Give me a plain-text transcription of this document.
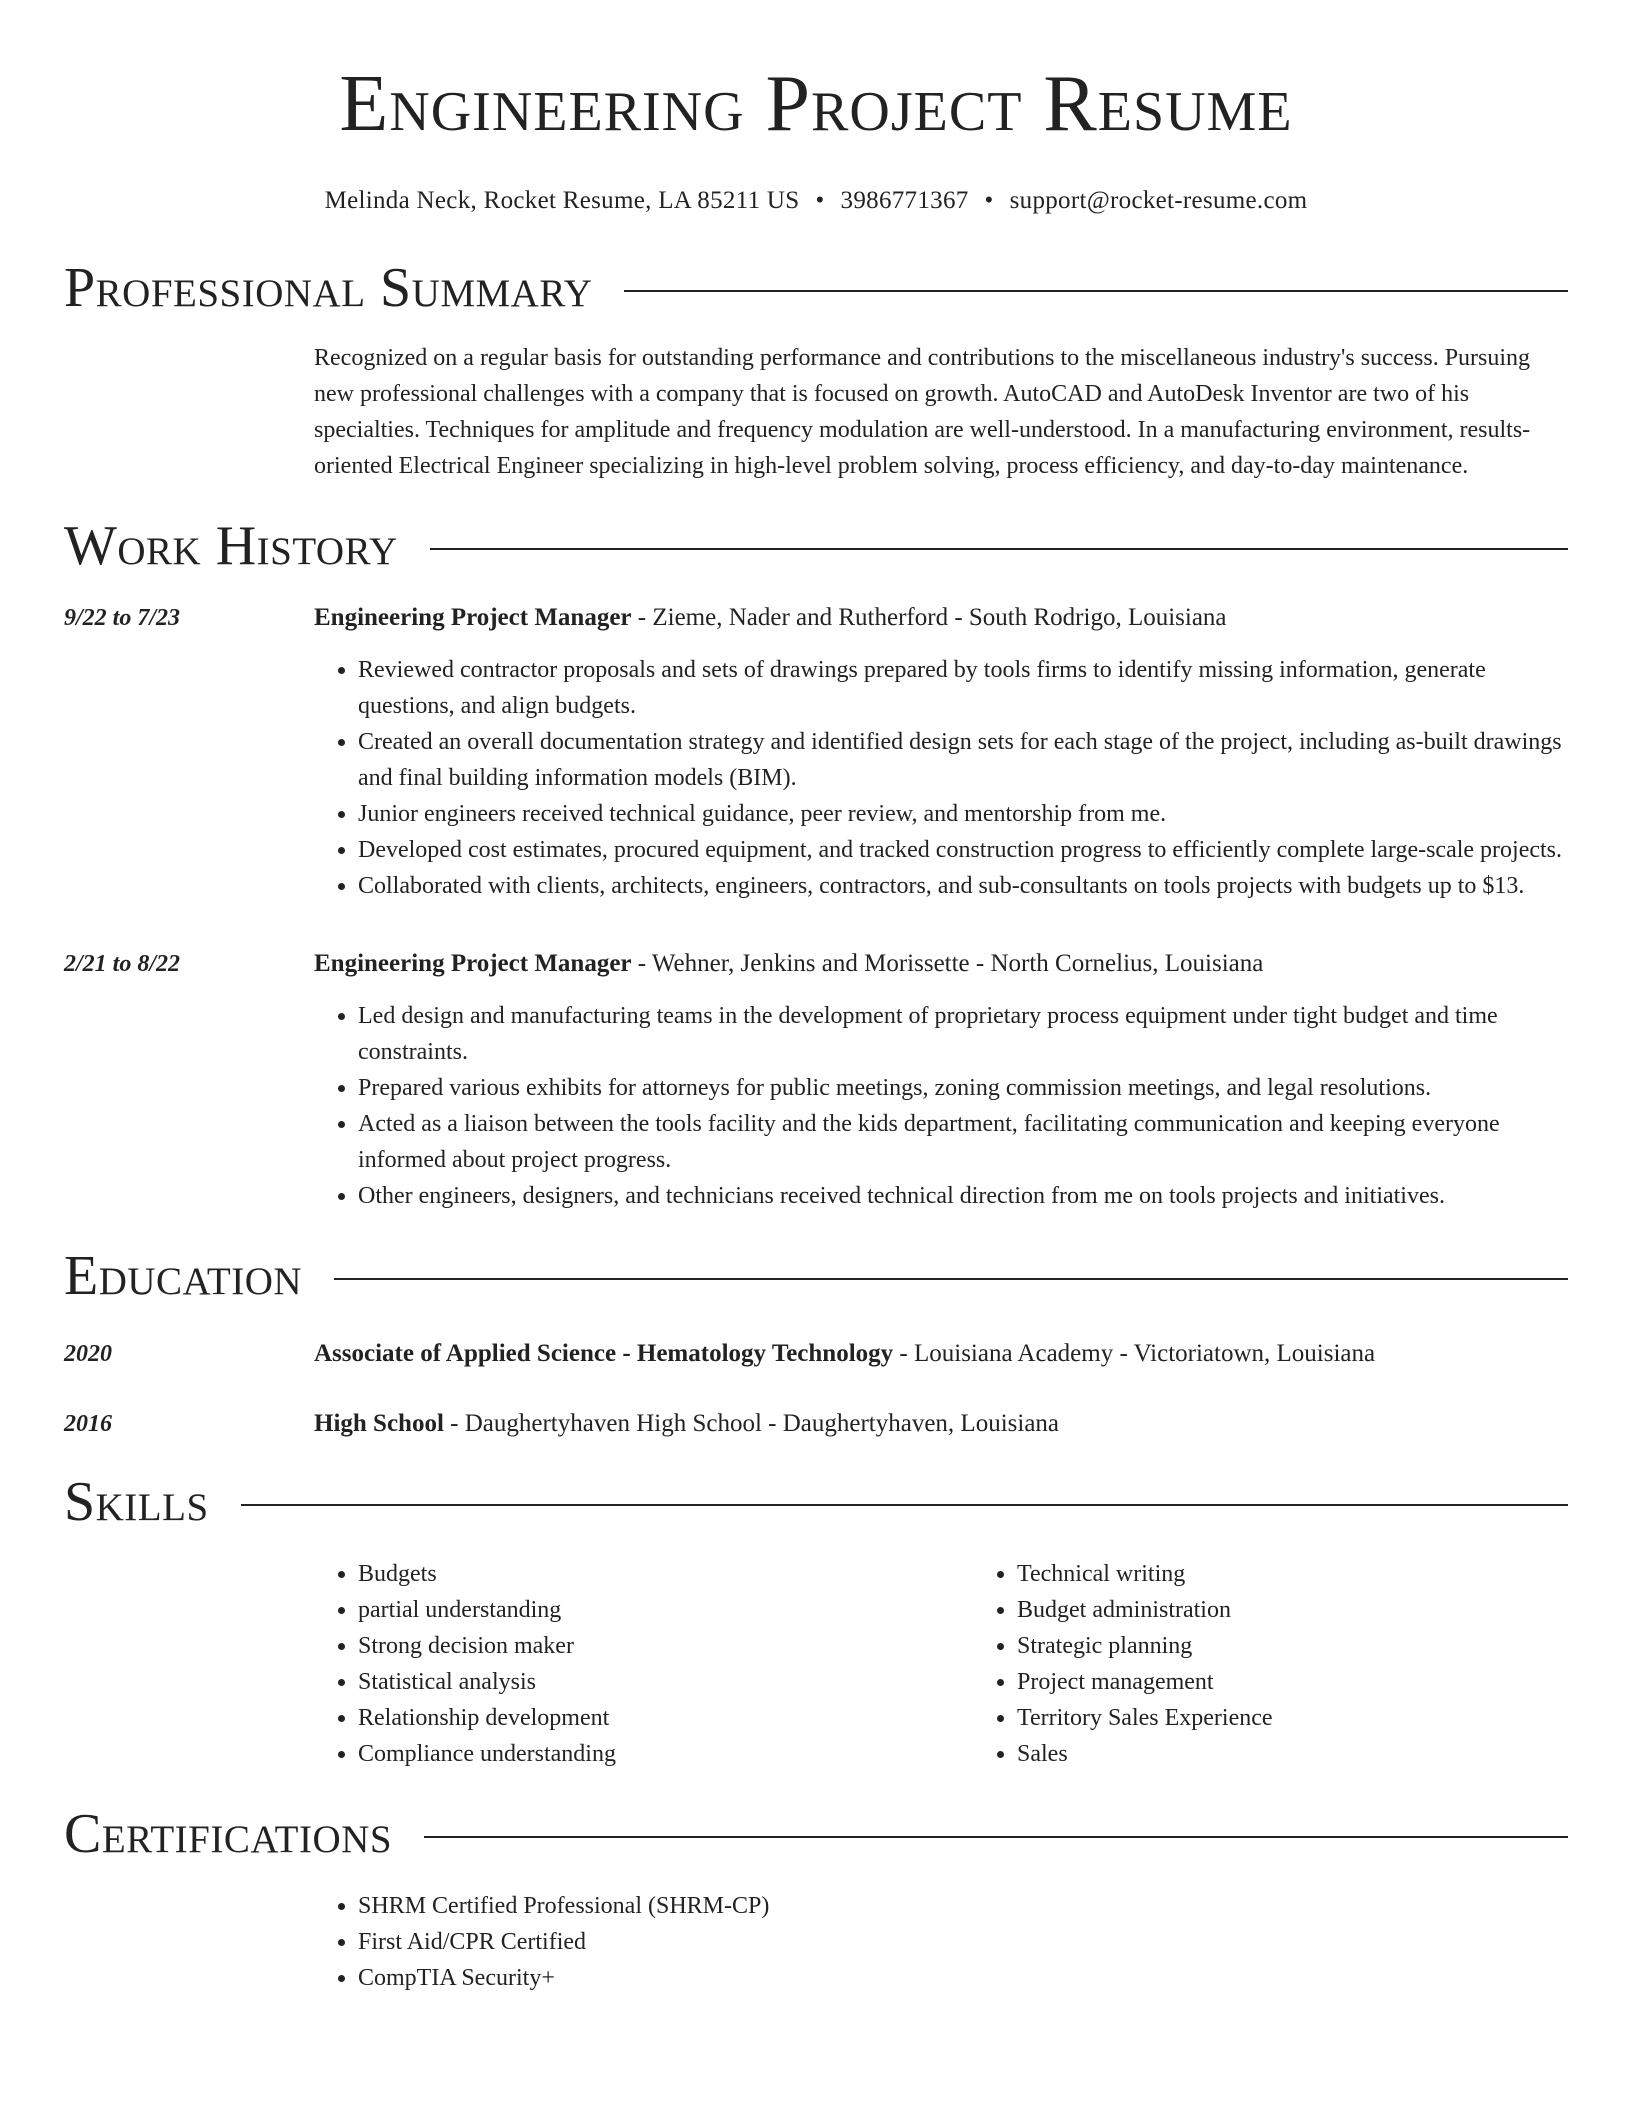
Engineering Project Resume
Melinda Neck, Rocket Resume, LA 85211 US • 3986771367 • support@rocket-resume.com
Professional Summary
Recognized on a regular basis for outstanding performance and contributions to the miscellaneous industry's success. Pursuing new professional challenges with a company that is focused on growth. AutoCAD and AutoDesk Inventor are two of his specialties. Techniques for amplitude and frequency modulation are well-understood. In a manufacturing environment, results-oriented Electrical Engineer specializing in high-level problem solving, process efficiency, and day-to-day maintenance.
Work History
9/22 to 7/23	Engineering Project Manager - Zieme, Nader and Rutherford - South Rodrigo, Louisiana
• Reviewed contractor proposals and sets of drawings prepared by tools firms to identify missing information, generate questions, and align budgets.
• Created an overall documentation strategy and identified design sets for each stage of the project, including as-built drawings and final building information models (BIM).
• Junior engineers received technical guidance, peer review, and mentorship from me.
• Developed cost estimates, procured equipment, and tracked construction progress to efficiently complete large-scale projects.
• Collaborated with clients, architects, engineers, contractors, and sub-consultants on tools projects with budgets up to $13.
2/21 to 8/22	Engineering Project Manager - Wehner, Jenkins and Morissette - North Cornelius, Louisiana
• Led design and manufacturing teams in the development of proprietary process equipment under tight budget and time constraints.
• Prepared various exhibits for attorneys for public meetings, zoning commission meetings, and legal resolutions.
• Acted as a liaison between the tools facility and the kids department, facilitating communication and keeping everyone informed about project progress.
• Other engineers, designers, and technicians received technical direction from me on tools projects and initiatives.
Education
2020	Associate of Applied Science - Hematology Technology - Louisiana Academy - Victoriatown, Louisiana
2016	High School - Daughertyhaven High School - Daughertyhaven, Louisiana
Skills
• Budgets
• partial understanding
• Strong decision maker
• Statistical analysis
• Relationship development
• Compliance understanding
• Technical writing
• Budget administration
• Strategic planning
• Project management
• Territory Sales Experience
• Sales
Certifications
• SHRM Certified Professional (SHRM-CP)
• First Aid/CPR Certified
• CompTIA Security+
